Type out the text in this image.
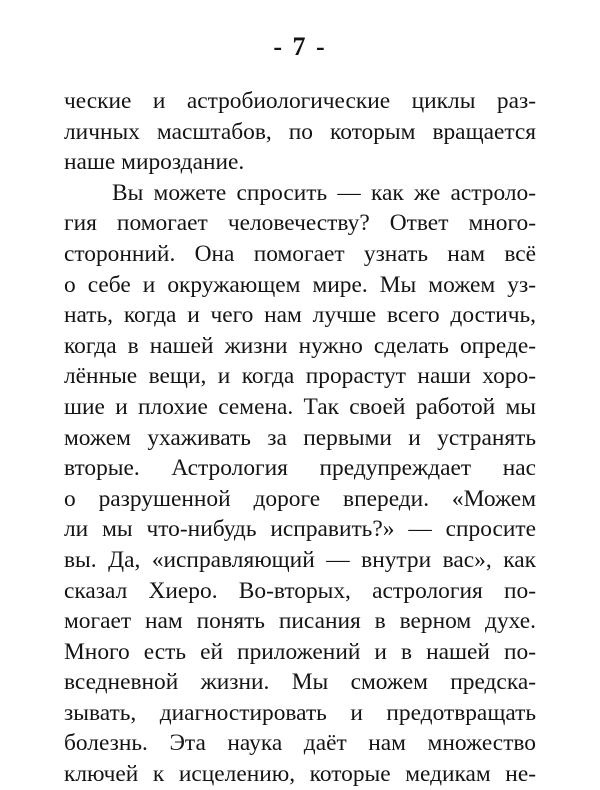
- 7 -
ческие и астробиологические циклы раз-
личных масштабов, по которым вращается
наше мироздание.
Вы можете спросить — как же астроло-
гия помогает человечеству? Ответ много-
сторонний. Она помогает узнать нам всё
о себе и окружающем мире. Мы можем уз-
нать, когда и чего нам лучше всего достичь,
когда в нашей жизни нужно сделать опреде-
лённые вещи, и когда прорастут наши хоро-
шие и плохие семена. Так своей работой мы
можем ухаживать за первыми и устранять
вторые. Астрология предупреждает нас
о разрушенной дороге впереди. «Можем
ли мы что-нибудь исправить?» — спросите
вы. Да, «исправляющий — внутри вас», как
сказал Хиеро. Во-вторых, астрология по-
могает нам понять писания в верном духе.
Много есть ей приложений и в нашей по-
вседневной жизни. Мы сможем предска-
зывать, диагностировать и предотвращать
болезнь. Эта наука даёт нам множество
ключей к исцелению, которые медикам не-
